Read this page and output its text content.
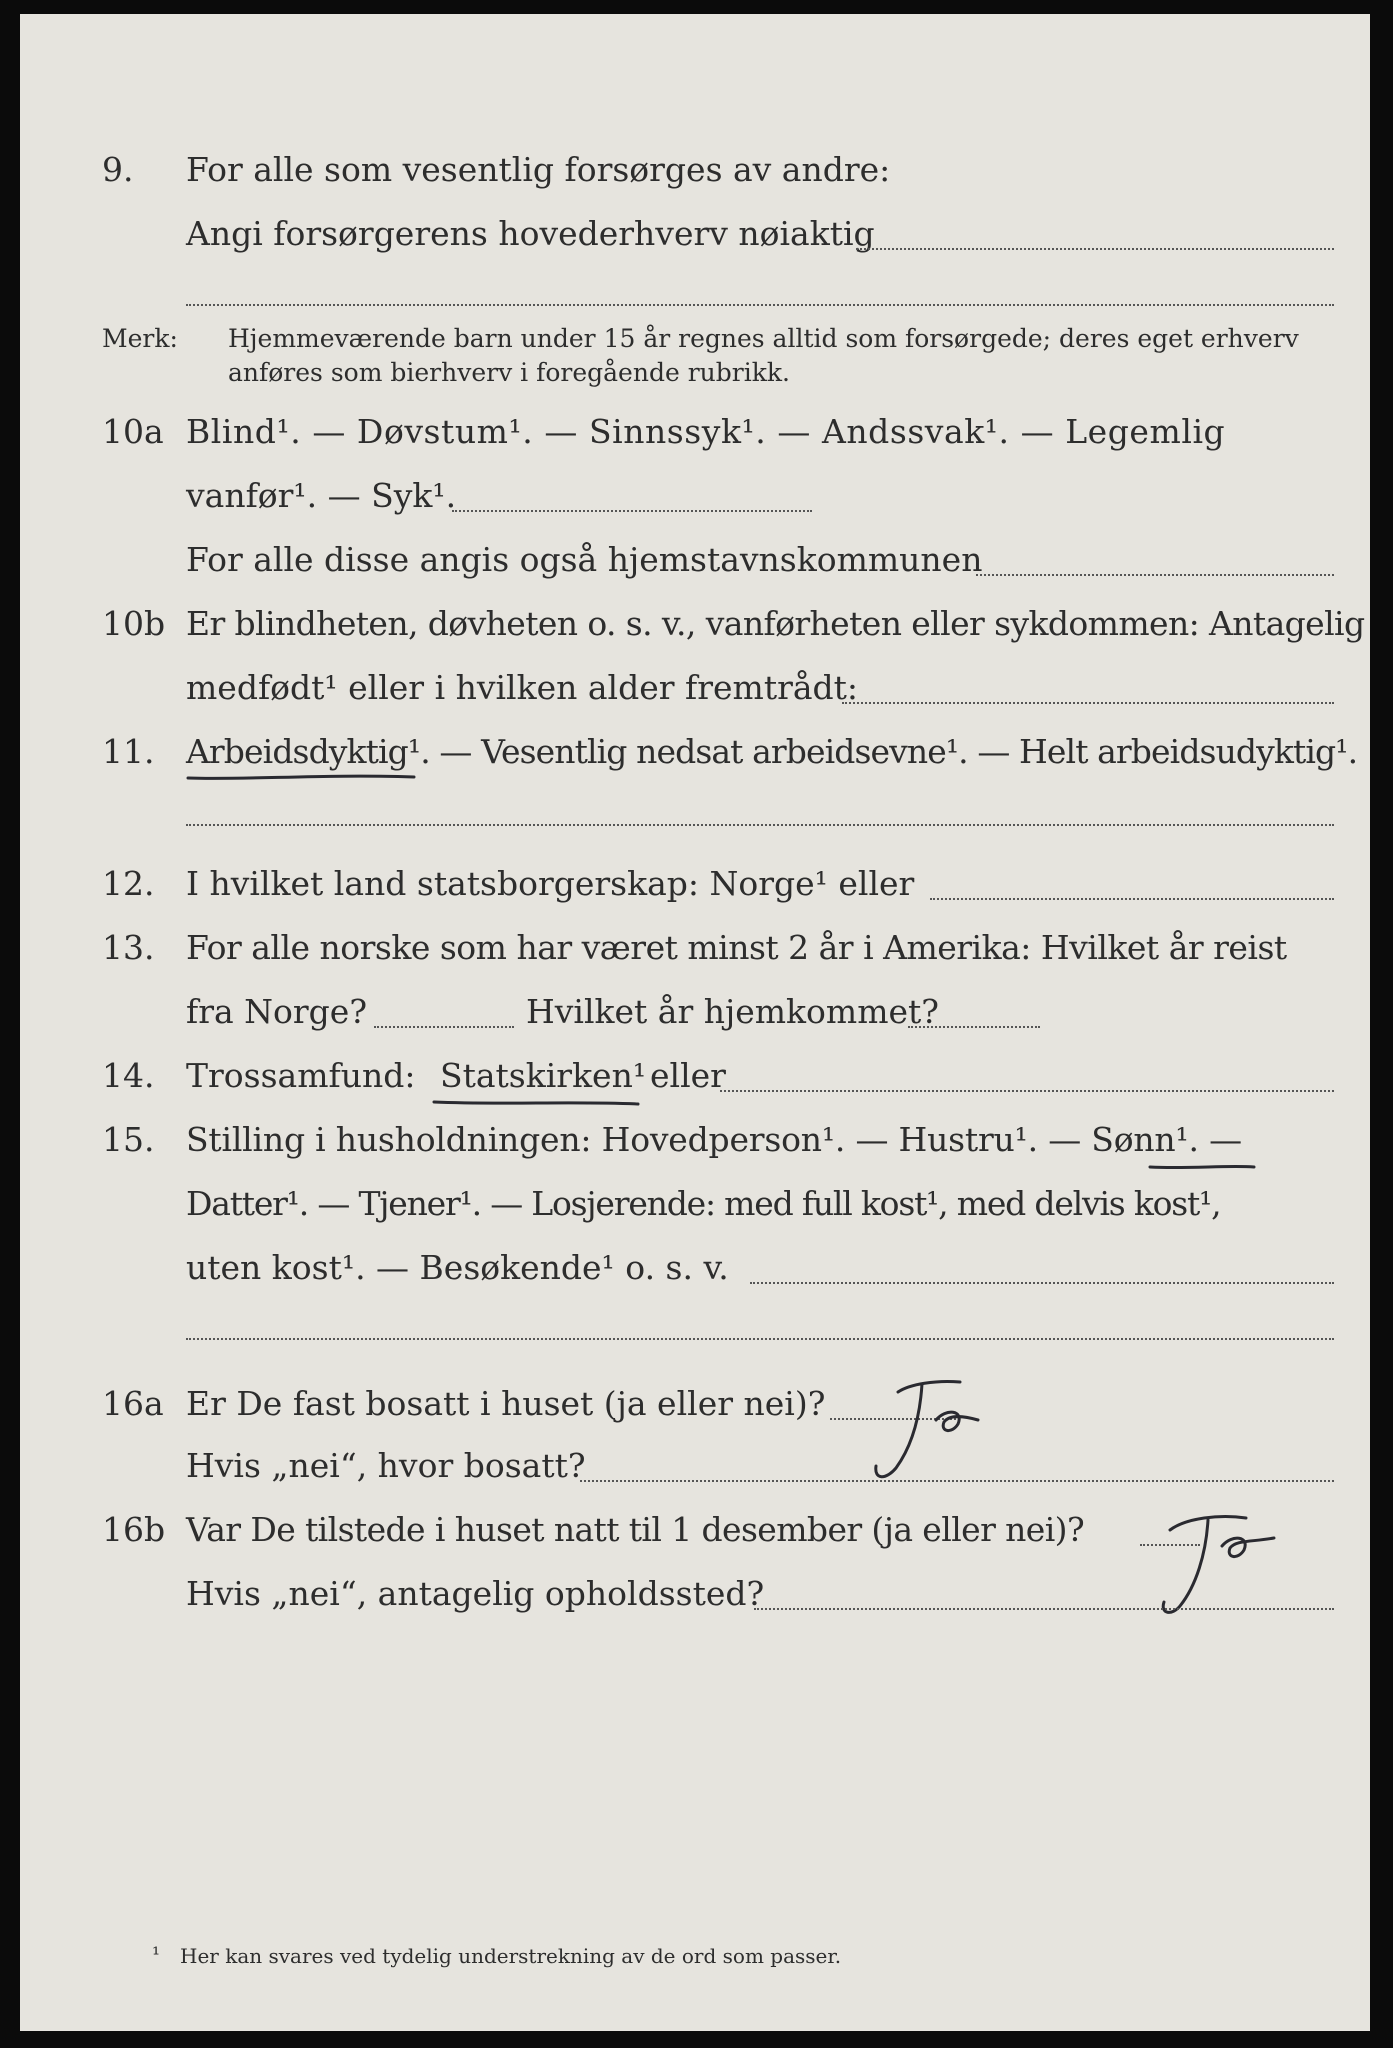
9. For alle som vesentlig forsørges av andre:
Angi forsørgerens hovederhverv nøiaktig
Merk: Hjemmeværende barn under 15 år regnes alltid som forsørgede; deres eget erhverv
anføres som bierhverv i foregående rubrikk.
10a Blind¹. — Døvstum¹. — Sinnssyk¹. — Andssvak¹. — Legemlig
vanfør¹. — Syk¹.
For alle disse angis også hjemstavnskommunen
10b Er blindheten, døvheten o. s. v., vanførheten eller sykdommen: Antagelig
medfødt¹ eller i hvilken alder fremtrådt:
11. Arbeidsdyktig¹. — Vesentlig nedsat arbeidsevne¹. — Helt arbeidsudyktig¹.
12. I hvilket land statsborgerskap: Norge¹ eller
13. For alle norske som har været minst 2 år i Amerika: Hvilket år reist
fra Norge?	Hvilket år hjemkommet?
14. Trossamfund: Statskirken¹ eller
15. Stilling i husholdningen: Hovedperson¹. — Hustru¹. — Sønn¹. —
Datter¹. — Tjener¹. — Losjerende: med full kost¹, med delvis kost¹,
uten kost¹. — Besøkende¹ o. s. v.
16a Er De fast bosatt i huset (ja eller nei)?
Hvis „nei“, hvor bosatt?
16b Var De tilstede i huset natt til 1 desember (ja eller nei)?
Hvis „nei“, antagelig opholdssted?
¹ Her kan svares ved tydelig understrekning av de ord som passer.
